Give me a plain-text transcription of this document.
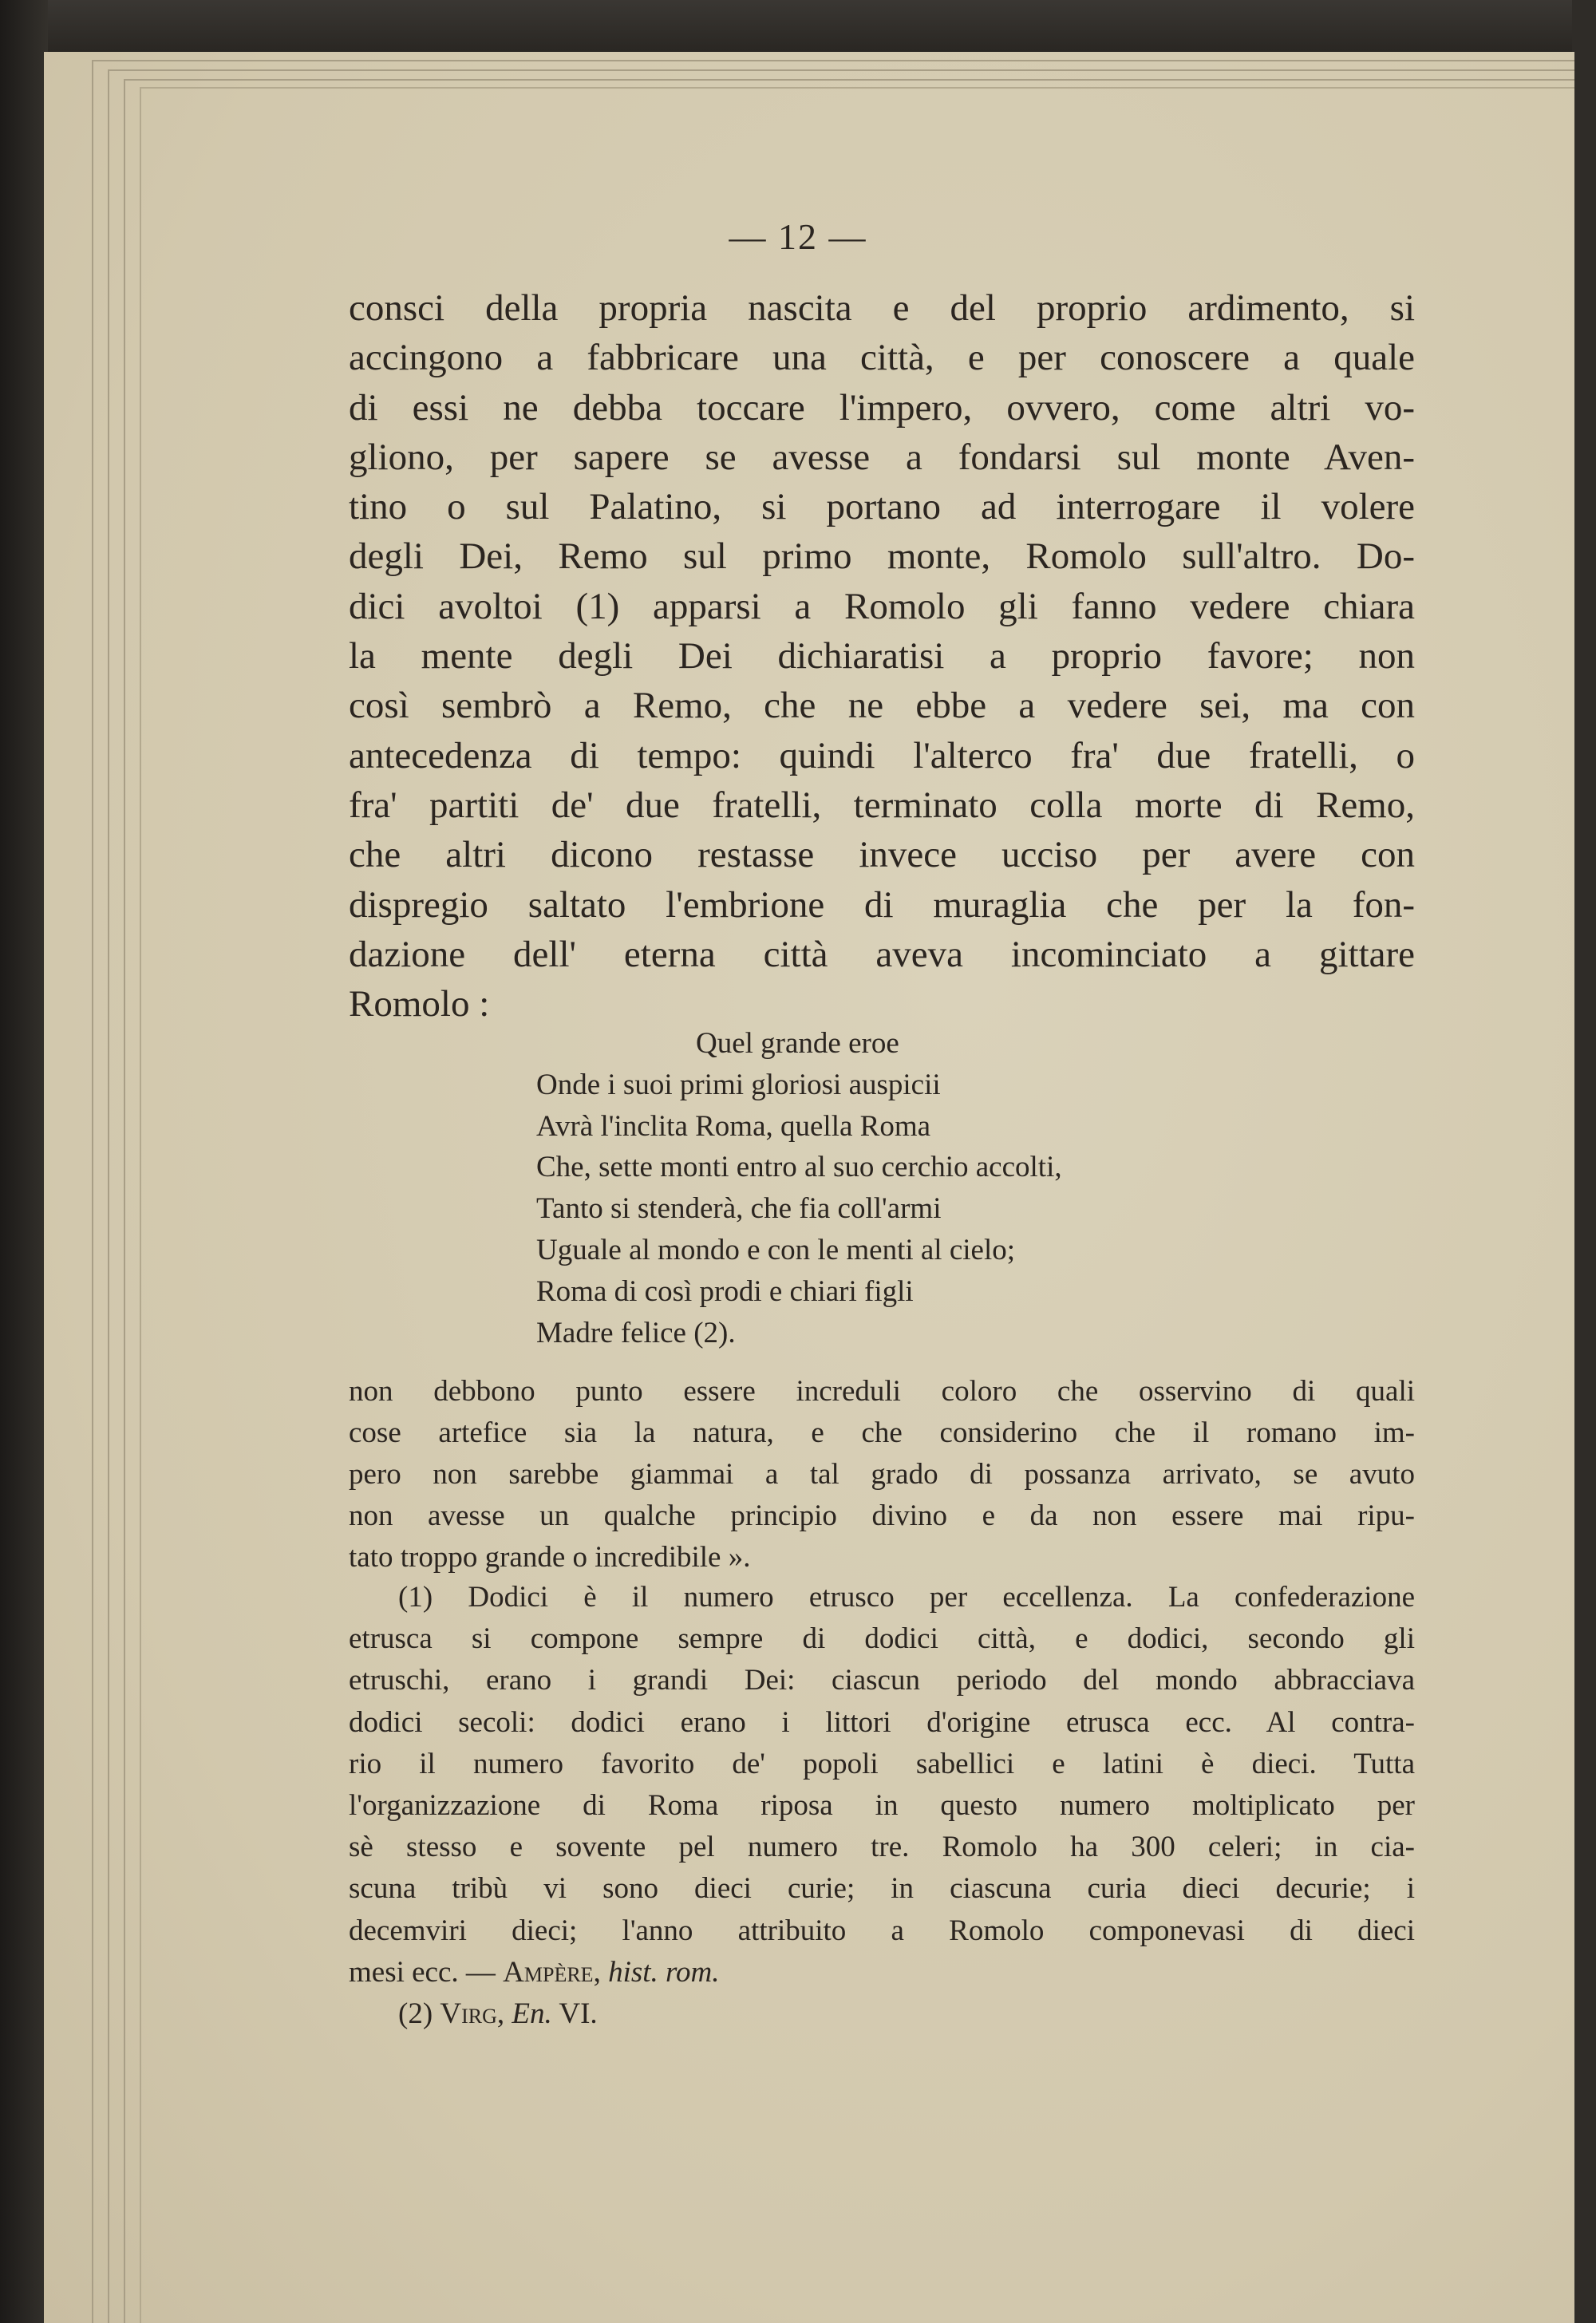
— 12 —
consci della propria nascita e del proprio ardimento, si
accingono a fabbricare una città, e per conoscere a quale
di essi ne debba toccare l'impero, ovvero, come altri vo-
gliono, per sapere se avesse a fondarsi sul monte Aven-
tino o sul Palatino, si portano ad interrogare il volere
degli Dei, Remo sul primo monte, Romolo sull'altro. Do-
dici avoltoi (1) apparsi a Romolo gli fanno vedere chiara
la mente degli Dei dichiaratisi a proprio favore; non
così sembrò a Remo, che ne ebbe a vedere sei, ma con
antecedenza di tempo: quindi l'alterco fra' due fratelli, o
fra' partiti de' due fratelli, terminato colla morte di Remo,
che altri dicono restasse invece ucciso per avere con
dispregio saltato l'embrione di muraglia che per la fon-
dazione dell' eterna città aveva incominciato a gittare
Romolo :
Quel grande eroe
Onde i suoi primi gloriosi auspicii
Avrà l'inclita Roma, quella Roma
Che, sette monti entro al suo cerchio accolti,
Tanto si stenderà, che fia coll'armi
Uguale al mondo e con le menti al cielo;
Roma di così prodi e chiari figli
Madre felice (2).
non debbono punto essere increduli coloro che osservino di quali
cose artefice sia la natura, e che considerino che il romano im-
pero non sarebbe giammai a tal grado di possanza arrivato, se avuto
non avesse un qualche principio divino e da non essere mai ripu-
tato troppo grande o incredibile ».
(1) Dodici è il numero etrusco per eccellenza. La confederazione
etrusca si compone sempre di dodici città, e dodici, secondo gli
etruschi, erano i grandi Dei: ciascun periodo del mondo abbracciava
dodici secoli: dodici erano i littori d'origine etrusca ecc. Al contra-
rio il numero favorito de' popoli sabellici e latini è dieci. Tutta
l'organizzazione di Roma riposa in questo numero moltiplicato per
sè stesso e sovente pel numero tre. Romolo ha 300 celeri; in cia-
scuna tribù vi sono dieci curie; in ciascuna curia dieci decurie; i
decemviri dieci; l'anno attribuito a Romolo componevasi di dieci
mesi ecc. — Ampère, hist. rom.
(2) Virg, En. VI.
